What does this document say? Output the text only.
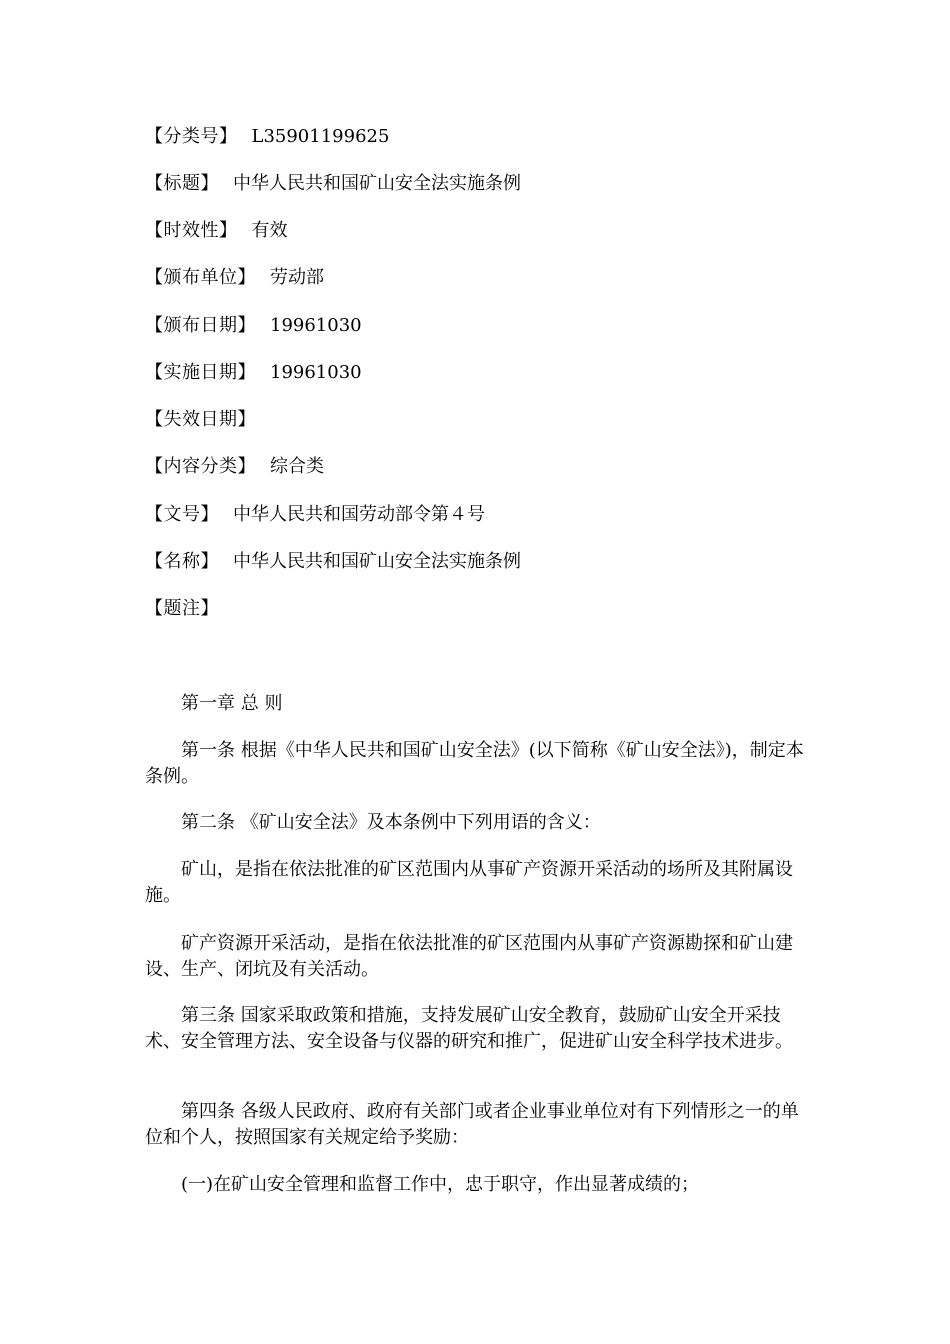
【分类号】 L35901199625
【标题】 中华人民共和国矿山安全法实施条例
【时效性】 有效
【颁布单位】 劳动部
【颁布日期】 19961030
【实施日期】 19961030
【失效日期】
【内容分类】 综合类
【文号】 中华人民共和国劳动部令第４号
【名称】 中华人民共和国矿山安全法实施条例
【题注】

第一章 总 则

第一条 根据《中华人民共和国矿山安全法》(以下简称《矿山安全法》)，制定本条例。

第二条 《矿山安全法》及本条例中下列用语的含义：

矿山，是指在依法批准的矿区范围内从事矿产资源开采活动的场所及其附属设施。

矿产资源开采活动，是指在依法批准的矿区范围内从事矿产资源勘探和矿山建设、生产、闭坑及有关活动。

第三条 国家采取政策和措施，支持发展矿山安全教育，鼓励矿山安全开采技术、安全管理方法、安全设备与仪器的研究和推广，促进矿山安全科学技术进步。

第四条 各级人民政府、政府有关部门或者企业事业单位对有下列情形之一的单位和个人，按照国家有关规定给予奖励：

(一)在矿山安全管理和监督工作中，忠于职守，作出显著成绩的；
